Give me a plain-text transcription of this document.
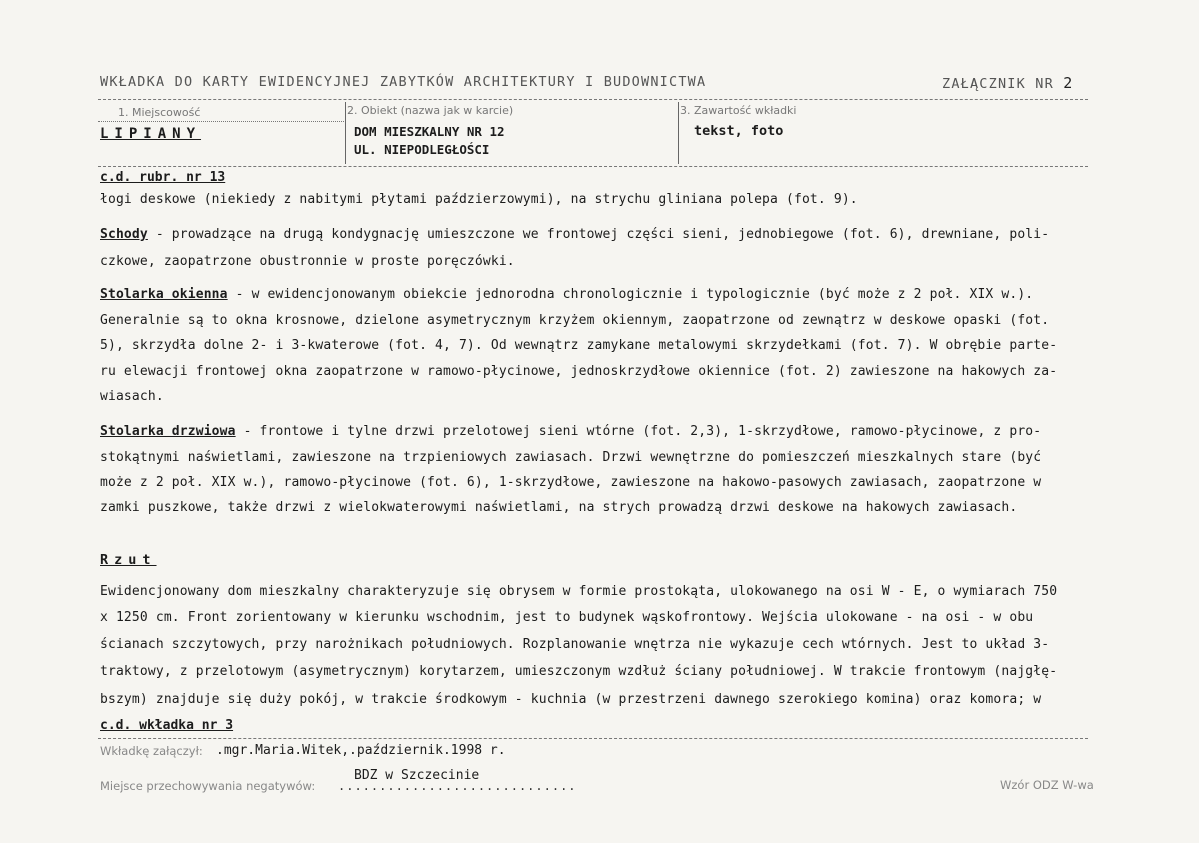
WKŁADKA DO KARTY EWIDENCYJNEJ ZABYTKÓW ARCHITEKTURY I BUDOWNICTWA	ZAŁĄCZNIK NR 2
1. Miejscowość
LIPIANY
2. Obiekt (nazwa jak w karcie)
DOM MIESZKALNY NR 12
UL. NIEPODLEGŁOŚCI
3. Zawartość wkładki
tekst, foto
c.d. rubr. nr 13
łogi deskowe (niekiedy z nabitymi płytami paździerzowymi), na strychu gliniana polepa (fot. 9).
Schody - prowadzące na drugą kondygnację umieszczone we frontowej części sieni, jednobiegowe (fot. 6), drewniane, poli-
czkowe, zaopatrzone obustronnie w proste poręczówki.
Stolarka okienna - w ewidencjonowanym obiekcie jednorodna chronologicznie i typologicznie (być może z 2 poł. XIX w.).
Generalnie są to okna krosnowe, dzielone asymetrycznym krzyżem okiennym, zaopatrzone od zewnątrz w deskowe opaski (fot.
5), skrzydła dolne 2- i 3-kwaterowe (fot. 4, 7). Od wewnątrz zamykane metalowymi skrzydełkami (fot. 7). W obrębie parte-
ru elewacji frontowej okna zaopatrzone w ramowo-płycinowe, jednoskrzydłowe okiennice (fot. 2) zawieszone na hakowych za-
wiasach.
Stolarka drzwiowa - frontowe i tylne drzwi przelotowej sieni wtórne (fot. 2,3), 1-skrzydłowe, ramowo-płycinowe, z pro-
stokątnymi naświetlami, zawieszone na trzpieniowych zawiasach. Drzwi wewnętrzne do pomieszczeń mieszkalnych stare (być
może z 2 poł. XIX w.), ramowo-płycinowe (fot. 6), 1-skrzydłowe, zawieszone na hakowo-pasowych zawiasach, zaopatrzone w
zamki puszkowe, także drzwi z wielokwaterowymi naświetlami, na strych prowadzą drzwi deskowe na hakowych zawiasach.
Rzut
Ewidencjonowany dom mieszkalny charakteryzuje się obrysem w formie prostokąta, ulokowanego na osi W - E, o wymiarach 750
x 1250 cm. Front zorientowany w kierunku wschodnim, jest to budynek wąskofrontowy. Wejścia ulokowane - na osi - w obu
ścianach szczytowych, przy narożnikach południowych. Rozplanowanie wnętrza nie wykazuje cech wtórnych. Jest to układ 3-
traktowy, z przelotowym (asymetrycznym) korytarzem, umieszczonym wzdłuż ściany południowej. W trakcie frontowym (najgłę-
bszym) znajduje się duży pokój, w trakcie środkowym - kuchnia (w przestrzeni dawnego szerokiego komina) oraz komora; w
c.d. wkładka nr 3
Wkładkę załączył: .mgr.Maria.Witek,.październik.1998 r.
BDZ w Szczecinie
Miejsce przechowywania negatywów: .............................	Wzór ODZ W-wa
